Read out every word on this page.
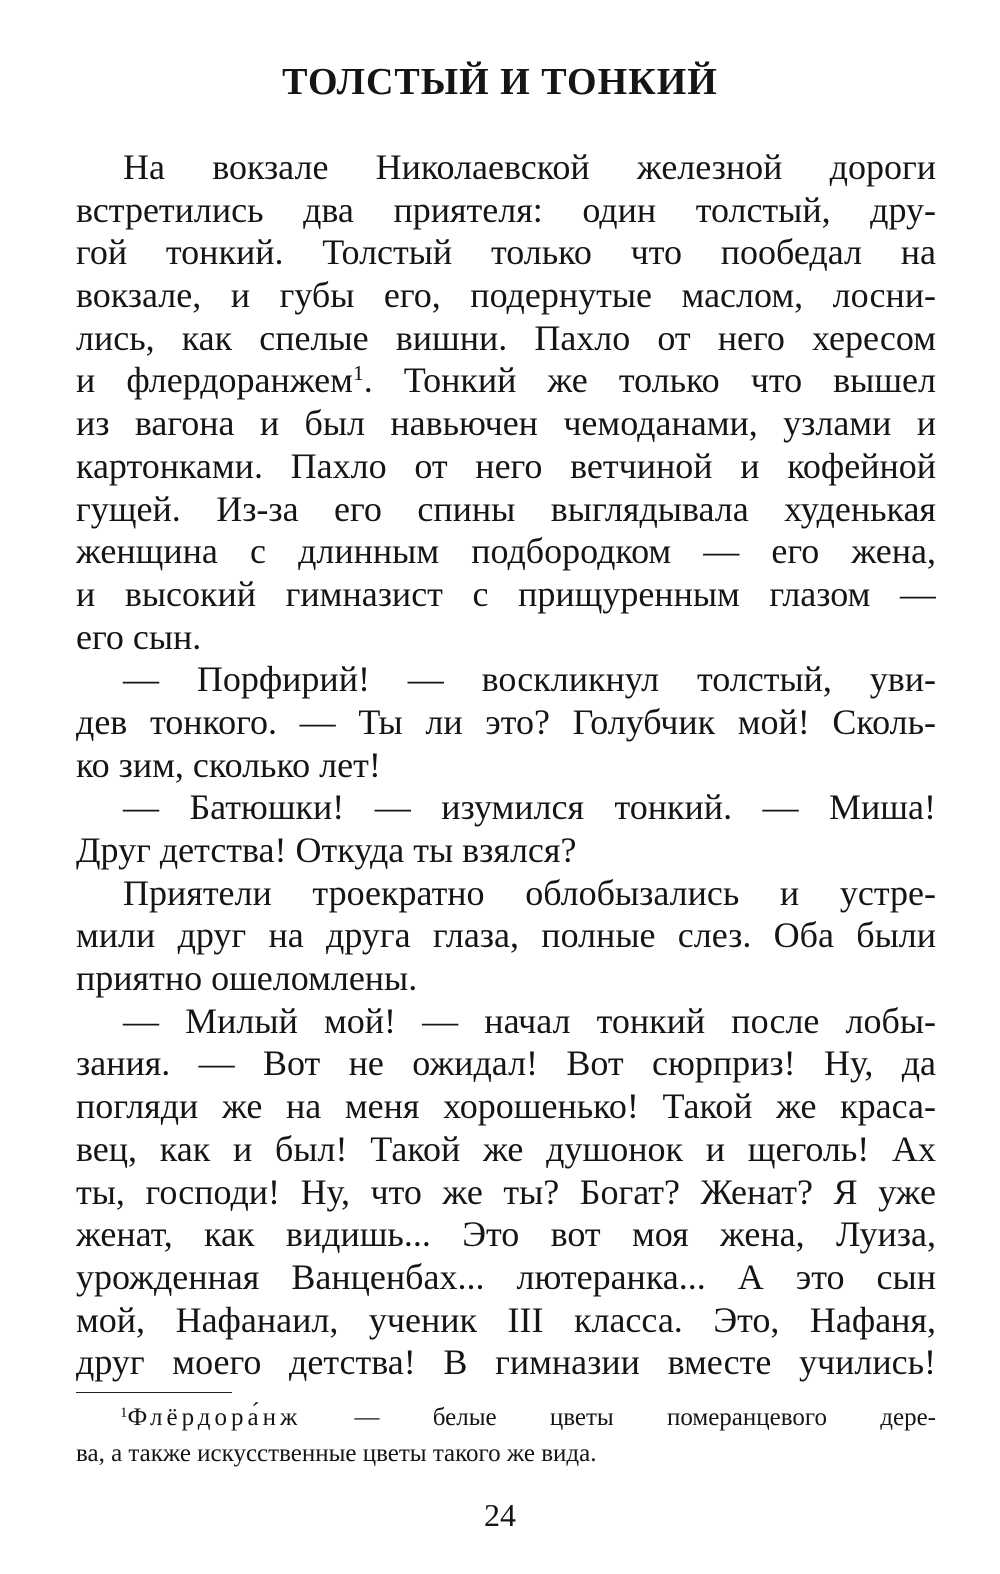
ТОЛСТЫЙ И ТОНКИЙ
На вокзале Николаевской железной дороги
встретились два приятеля: один толстый, дру-
гой тонкий. Толстый только что пообедал на
вокзале, и губы его, подернутые маслом, лосни-
лись, как спелые вишни. Пахло от него хересом
и флердоранжем$^1$. Тонкий же только что вышел
из вагона и был навьючен чемоданами, узлами и
картонками. Пахло от него ветчиной и кофейной
гущей. Из-за его спины выглядывала худенькая
женщина с длинным подбородком — его жена,
и высокий гимназист с прищуренным глазом —
его сын.
— Порфирий! — воскликнул толстый, уви-
дев тонкого. — Ты ли это? Голубчик мой! Сколь-
ко зим, сколько лет!
— Батюшки! — изумился тонкий. — Миша!
Друг детства! Откуда ты взялся?
Приятели троекратно облобызались и устре-
мили друг на друга глаза, полные слез. Оба были
приятно ошеломлены.
— Милый мой! — начал тонкий после лобы-
зания. — Вот не ожидал! Вот сюрприз! Ну, да
погляди же на меня хорошенько! Такой же краса-
вец, как и был! Такой же душонок и щеголь! Ах
ты, господи! Ну, что же ты? Богат? Женат? Я уже
женат, как видишь... Это вот моя жена, Луиза,
урожденная Ванценбах... лютеранка... А это сын
мой, Нафанаил, ученик III класса. Это, Нафаня,
друг моего детства! В гимназии вместе учились!
$^1$Флёрдора́нж — белые цветы померанцевого дере-
ва, а также искусственные цветы такого же вида.
24
